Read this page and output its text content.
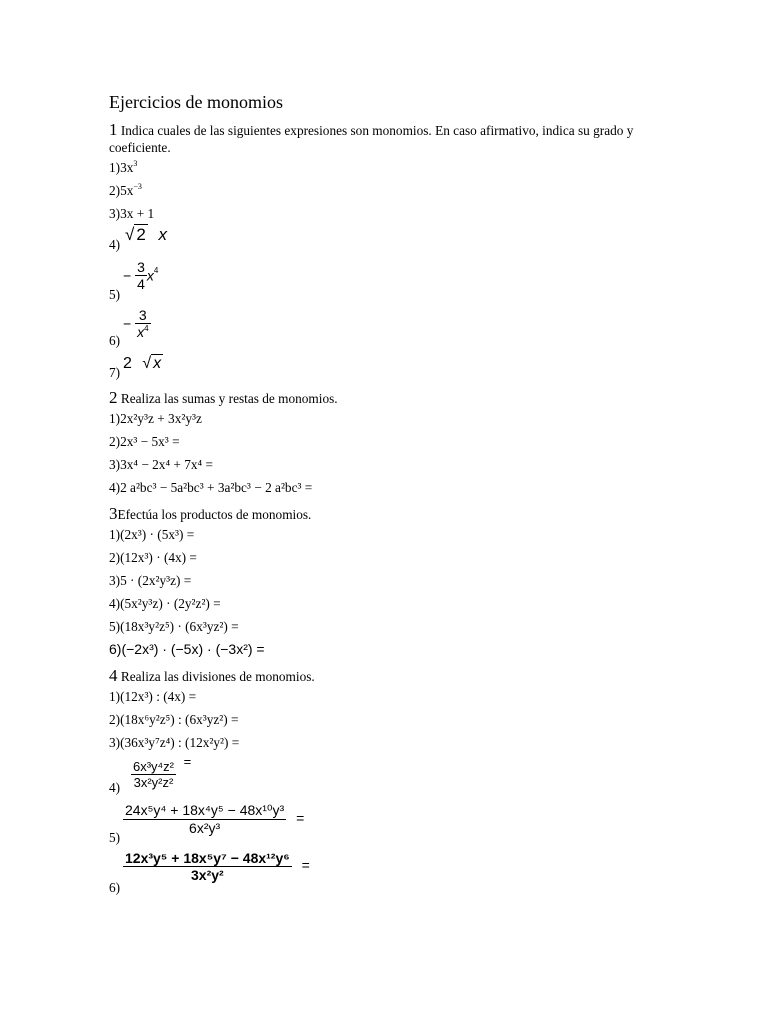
Ejercicios de monomios
1 Indica cuales de las siguientes expresiones son monomios. En caso afirmativo, indica su grado y coeficiente.
$1)3x^3$
$2)5x^{-3}$
3)3x + 1
4)
√ 2 x
5)
− $\frac{3}{4} x^4$
6)
− $\frac{3}{x^4}$
7)
2 √ x
2 Realiza las sumas y restas de monomios.
1)2x²y³z + 3x²y³z
2)2x³ − 5x³ =
3)3x⁴ − 2x⁴ + 7x⁴ =
4)2 a²bc³ − 5a²bc³ + 3a²bc³ − 2 a²bc³ =
3Efectúa los productos de monomios.
1)(2x³) · (5x³) =
2)(12x³) · (4x) =
3)5 · (2x²y³z) =
4)(5x²y³z) · (2y²z²) =
5)(18x³y²z⁵) · (6x³yz²) =
6)(−2x³) · (−5x) · (−3x²) =
4 Realiza las divisiones de monomios.
1)(12x³) : (4x) =
2)(18x⁶y²z⁵) : (6x³yz²) =
3)(36x³y⁷z⁴) : (12x²y²) =
$4) \frac{\text{6x³y⁴z²}}{\text{3x²y²z²}}$ =
5)
$\frac{\text{24x⁵y⁴ + 18x⁴y⁵ − 48x¹⁰y³}}{\text{6x²y³}}$ =
6)
$\frac{\text{12x³y⁵ + 18x⁵y⁷ − 48x¹²y⁶}}{\text{3x²y²}}$ =
